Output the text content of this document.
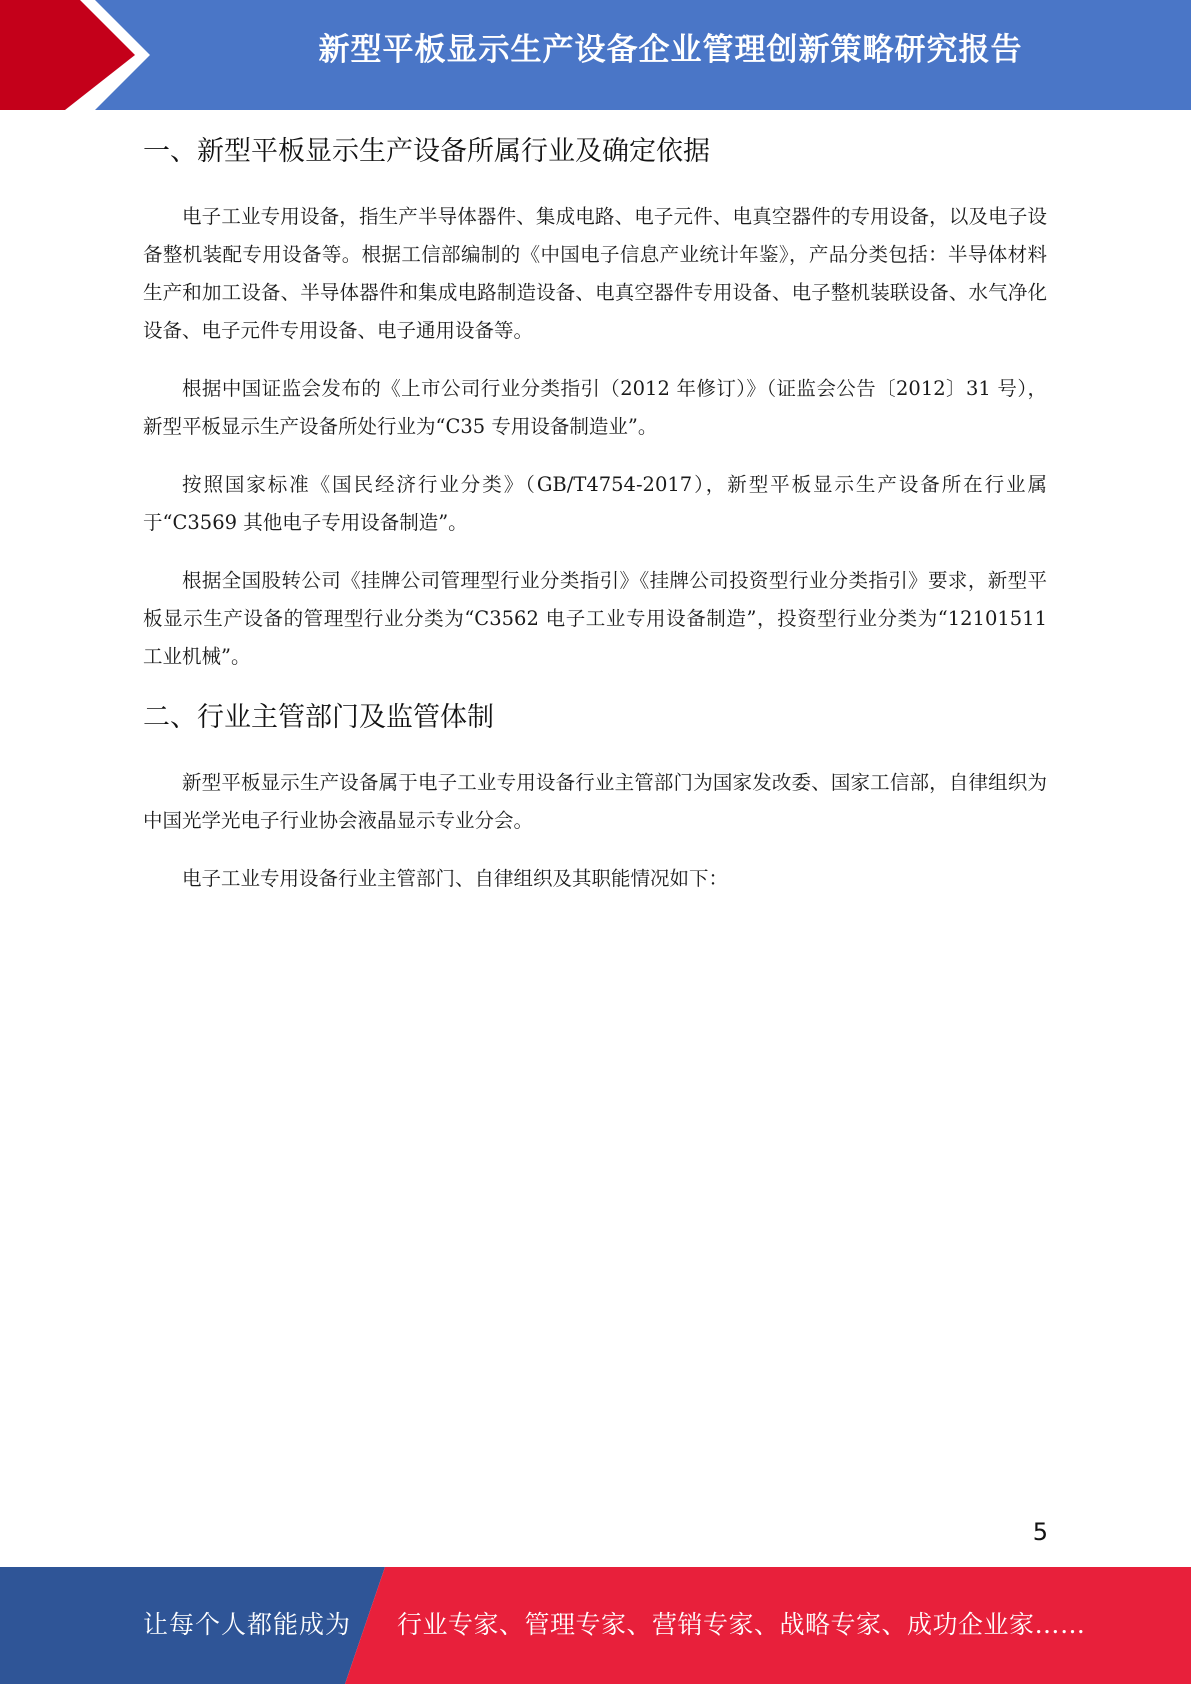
新型平板显示生产设备企业管理创新策略研究报告
一、新型平板显示生产设备所属行业及确定依据

电子工业专用设备，指生产半导体器件、集成电路、电子元件、电真空器件的专用设备，以及电子设备整机装配专用设备等。根据工信部编制的《中国电子信息产业统计年鉴》，产品分类包括：半导体材料生产和加工设备、半导体器件和集成电路制造设备、电真空器件专用设备、电子整机装联设备、水气净化设备、电子元件专用设备、电子通用设备等。

根据中国证监会发布的《上市公司行业分类指引（2012 年修订）》（证监会公告〔2012〕31 号），新型平板显示生产设备所处行业为“C35 专用设备制造业”。

按照国家标准《国民经济行业分类》（GB/T4754-2017），新型平板显示生产设备所在行业属于“C3569 其他电子专用设备制造”。

根据全国股转公司《挂牌公司管理型行业分类指引》《挂牌公司投资型行业分类指引》要求，新型平板显示生产设备的管理型行业分类为“C3562 电子工业专用设备制造”，投资型行业分类为“12101511 工业机械”。

二、行业主管部门及监管体制

新型平板显示生产设备属于电子工业专用设备行业主管部门为国家发改委、国家工信部，自律组织为中国光学光电子行业协会液晶显示专业分会。

电子工业专用设备行业主管部门、自律组织及其职能情况如下：

5
让每个人都能成为 行业专家、管理专家、营销专家、战略专家、成功企业家……
